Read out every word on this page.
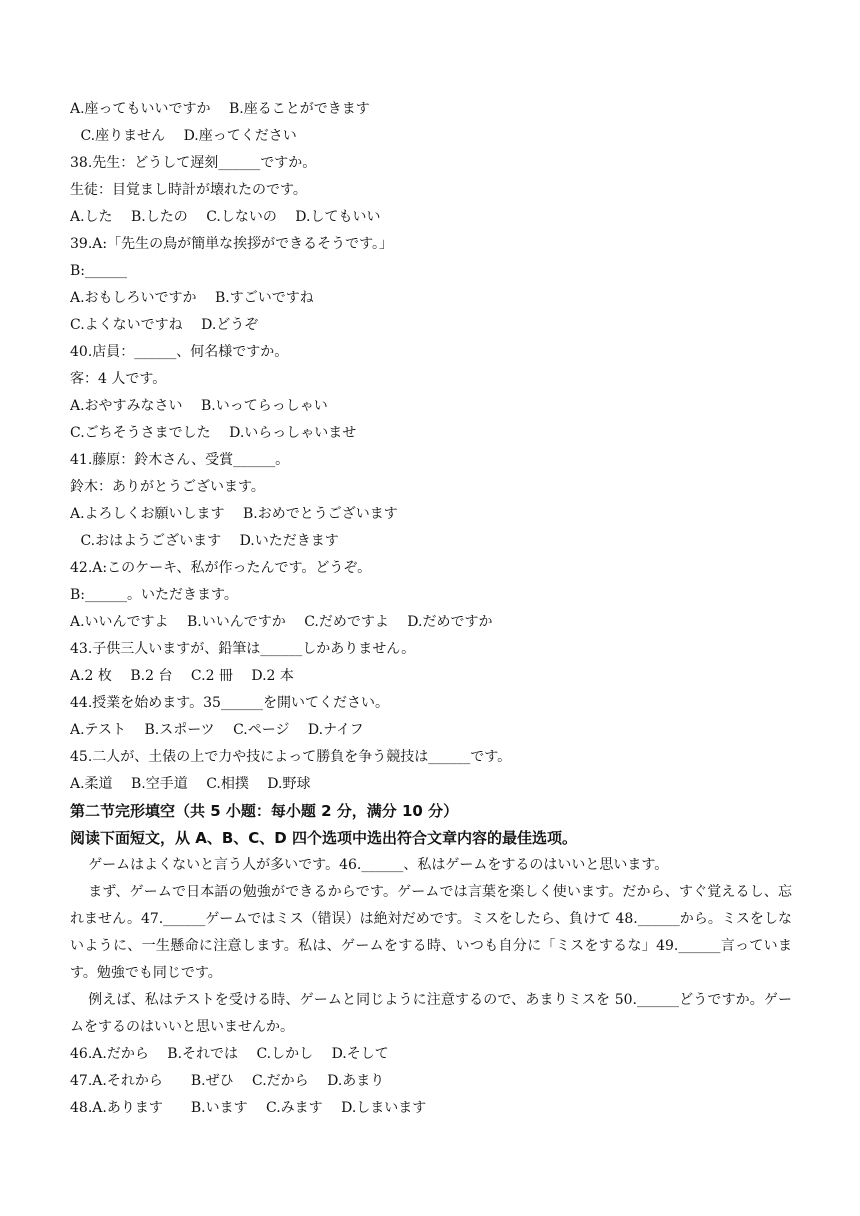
A.座ってもいいですか　 B.座ることができます
C.座りません　 D.座ってください
38.先生：どうして遅刻______ですか。
生徒：目覚まし時計が壊れたのです。
A.した　 B.したの　 C.しないの　 D.してもいい
39.A:「先生の鳥が簡単な挨拶ができるそうです。」
B:______
A.おもしろいですか　 B.すごいですね
C.よくないですね　 D.どうぞ
40.店員：______、何名様ですか。
客：4 人です。
A.おやすみなさい　 B.いってらっしゃい
C.ごちそうさまでした　 D.いらっしゃいませ
41.藤原：鈴木さん、受賞______。
鈴木：ありがとうございます。
A.よろしくお願いします　 B.おめでとうございます
C.おはようございます　 D.いただきます
42.A:このケーキ、私が作ったんです。どうぞ。
B:______。いただきます。
A.いいんですよ　 B.いいんですか　 C.だめですよ　 D.だめですか
43.子供三人いますが、鉛筆は______しかありません。
A.2 枚　 B.2 台　 C.2 冊　 D.2 本
44.授業を始めます。35______を開いてください。
A.テスト　 B.スポーツ　 C.ページ　 D.ナイフ
45.二人が、土俵の上で力や技によって勝負を争う競技は______です。
A.柔道　 B.空手道　 C.相撲　 D.野球
第二节完形填空（共 5 小题：每小题 2 分，满分 10 分）
阅读下面短文，从 A、B、C、D 四个选项中选出符合文章内容的最佳选项。
ゲームはよくないと言う人が多いです。46.______、私はゲームをするのはいいと思います。
まず、ゲームで日本語の勉強ができるからです。ゲームでは言葉を楽しく使います。だから、すぐ覚えるし、忘れません。47.______ゲームではミス（错误）は絶対だめです。ミスをしたら、負けて 48.______から。ミスをしないように、一生懸命に注意します。私は、ゲームをする時、いつも自分に「ミスをするな」49.______言っています。勉強でも同じです。
例えば、私はテストを受ける時、ゲームと同じように注意するので、あまりミスを 50.______どうですか。ゲームをするのはいいと思いませんか。
46.A.だから　 B.それでは　 C.しかし　 D.そして
47.A.それから　　B.ぜひ　 C.だから　 D.あまり
48.A.あります　　B.います　 C.みます　 D.しまいます
